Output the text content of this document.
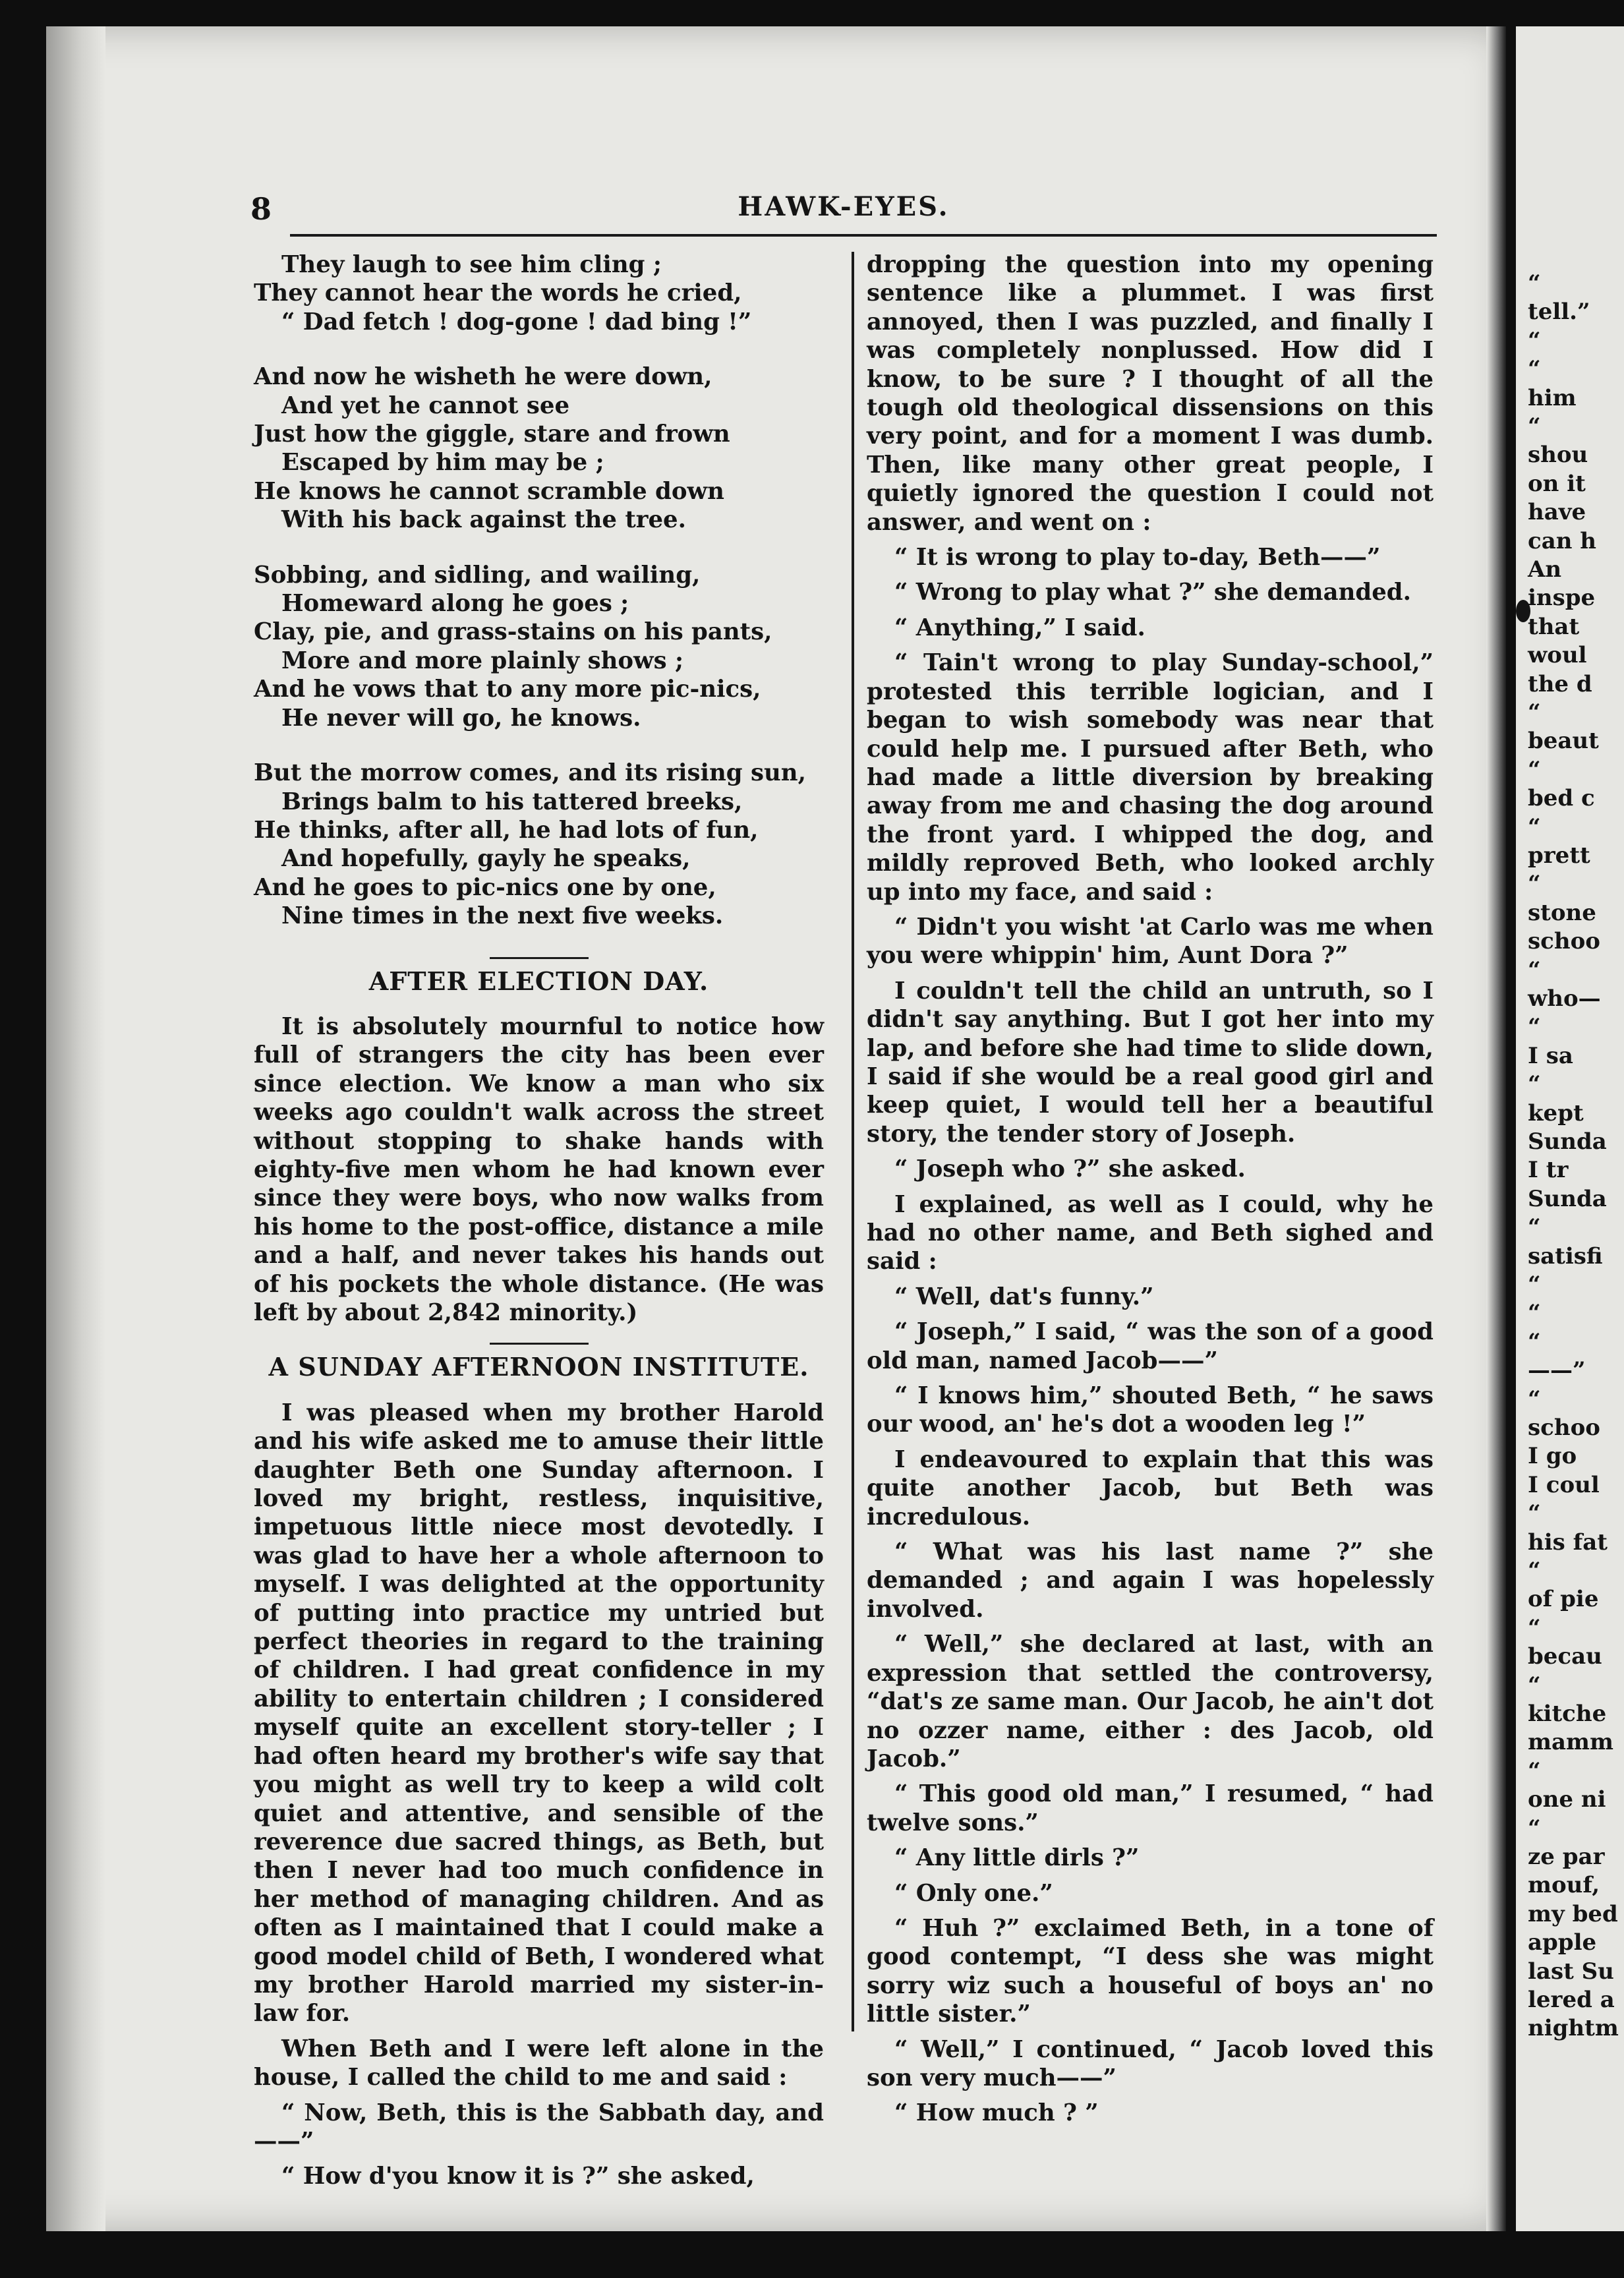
“
tell.”
“
“
him
“
shou
on it
have
can h
An
inspe
that
woul
the d
“
beaut
“
bed c
“
prett
“
stone
schoo
“
who—
“
I sa
“
kept
Sunda
I tr
Sunda
“
satisfi
“
“
“
——”
“
schoo
I go
I coul
“
his fat
“
of pie
“
becau
“
kitche
mamm
“
one ni
“
ze par
mouf,
my bed
apple
last Su
lered a
nightm
8	HAWK-EYES.

They laugh to see him cling ;

They cannot hear the words he cried,

“ Dad fetch ! dog-gone ! dad bing !”

And now he wisheth he were down,

And yet he cannot see

Just how the giggle, stare and frown

Escaped by him may be ;

He knows he cannot scramble down

With his back against the tree.

Sobbing, and sidling, and wailing,

Homeward along he goes ;

Clay, pie, and grass-stains on his pants,

More and more plainly shows ;

And he vows that to any more pic-nics,

He never will go, he knows.

But the morrow comes, and its rising sun,

Brings balm to his tattered breeks,

He thinks, after all, he had lots of fun,

And hopefully, gayly he speaks,

And he goes to pic-nics one by one,

Nine times in the next five weeks.

AFTER ELECTION DAY.

It is absolutely mournful to notice how full of strangers the city has been ever since election. We know a man who six weeks ago couldn't walk across the street without stopping to shake hands with eighty-five men whom he had known ever since they were boys, who now walks from his home to the post-office, distance a mile and a half, and never takes his hands out of his pockets the whole distance. (He was left by about 2,842 minority.)

A SUNDAY AFTERNOON INSTITUTE.

I was pleased when my brother Harold and his wife asked me to amuse their little daughter Beth one Sunday afternoon. I loved my bright, restless, inquisitive, impetuous little niece most devotedly. I was glad to have her a whole afternoon to myself. I was delighted at the opportunity of putting into practice my untried but perfect theories in regard to the training of children. I had great confidence in my ability to entertain children ; I considered myself quite an excellent story-teller ; I had often heard my brother's wife say that you might as well try to keep a wild colt quiet and attentive, and sensible of the reverence due sacred things, as Beth, but then I never had too much confidence in her method of managing children. And as often as I maintained that I could make a good model child of Beth, I wondered what my brother Harold married my sister-in-law for.

When Beth and I were left alone in the house, I called the child to me and said :

“ Now, Beth, this is the Sabbath day, and——”

“ How d'you know it is ?” she asked,

dropping the question into my opening sentence like a plummet. I was first annoyed, then I was puzzled, and finally I was completely nonplussed. How did I know, to be sure ? I thought of all the tough old theological dissensions on this very point, and for a moment I was dumb. Then, like many other great people, I quietly ignored the question I could not answer, and went on :

“ It is wrong to play to-day, Beth——”

“ Wrong to play what ?” she demanded.

“ Anything,” I said.

“ Tain't wrong to play Sunday-school,” protested this terrible logician, and I began to wish somebody was near that could help me. I pursued after Beth, who had made a little diversion by breaking away from me and chasing the dog around the front yard. I whipped the dog, and mildly reproved Beth, who looked archly up into my face, and said :

“ Didn't you wisht 'at Carlo was me when you were whippin' him, Aunt Dora ?”

I couldn't tell the child an untruth, so I didn't say anything. But I got her into my lap, and before she had time to slide down, I said if she would be a real good girl and keep quiet, I would tell her a beautiful story, the tender story of Joseph.

“ Joseph who ?” she asked.

I explained, as well as I could, why he had no other name, and Beth sighed and said :

“ Well, dat's funny.”

“ Joseph,” I said, “ was the son of a good old man, named Jacob——”

“ I knows him,” shouted Beth, “ he saws our wood, an' he's dot a wooden leg !”

I endeavoured to explain that this was quite another Jacob, but Beth was incredulous.

“ What was his last name ?” she demanded ; and again I was hopelessly involved.

“ Well,” she declared at last, with an expression that settled the controversy, “dat's ze same man. Our Jacob, he ain't dot no ozzer name, either : des Jacob, old Jacob.”

“ This good old man,” I resumed, “ had twelve sons.”

“ Any little dirls ?”

“ Only one.”

“ Huh ?” exclaimed Beth, in a tone of good contempt, “I dess she was might sorry wiz such a houseful of boys an' no little sister.”

“ Well,” I continued, “ Jacob loved this son very much——”

“ How much ? ”
